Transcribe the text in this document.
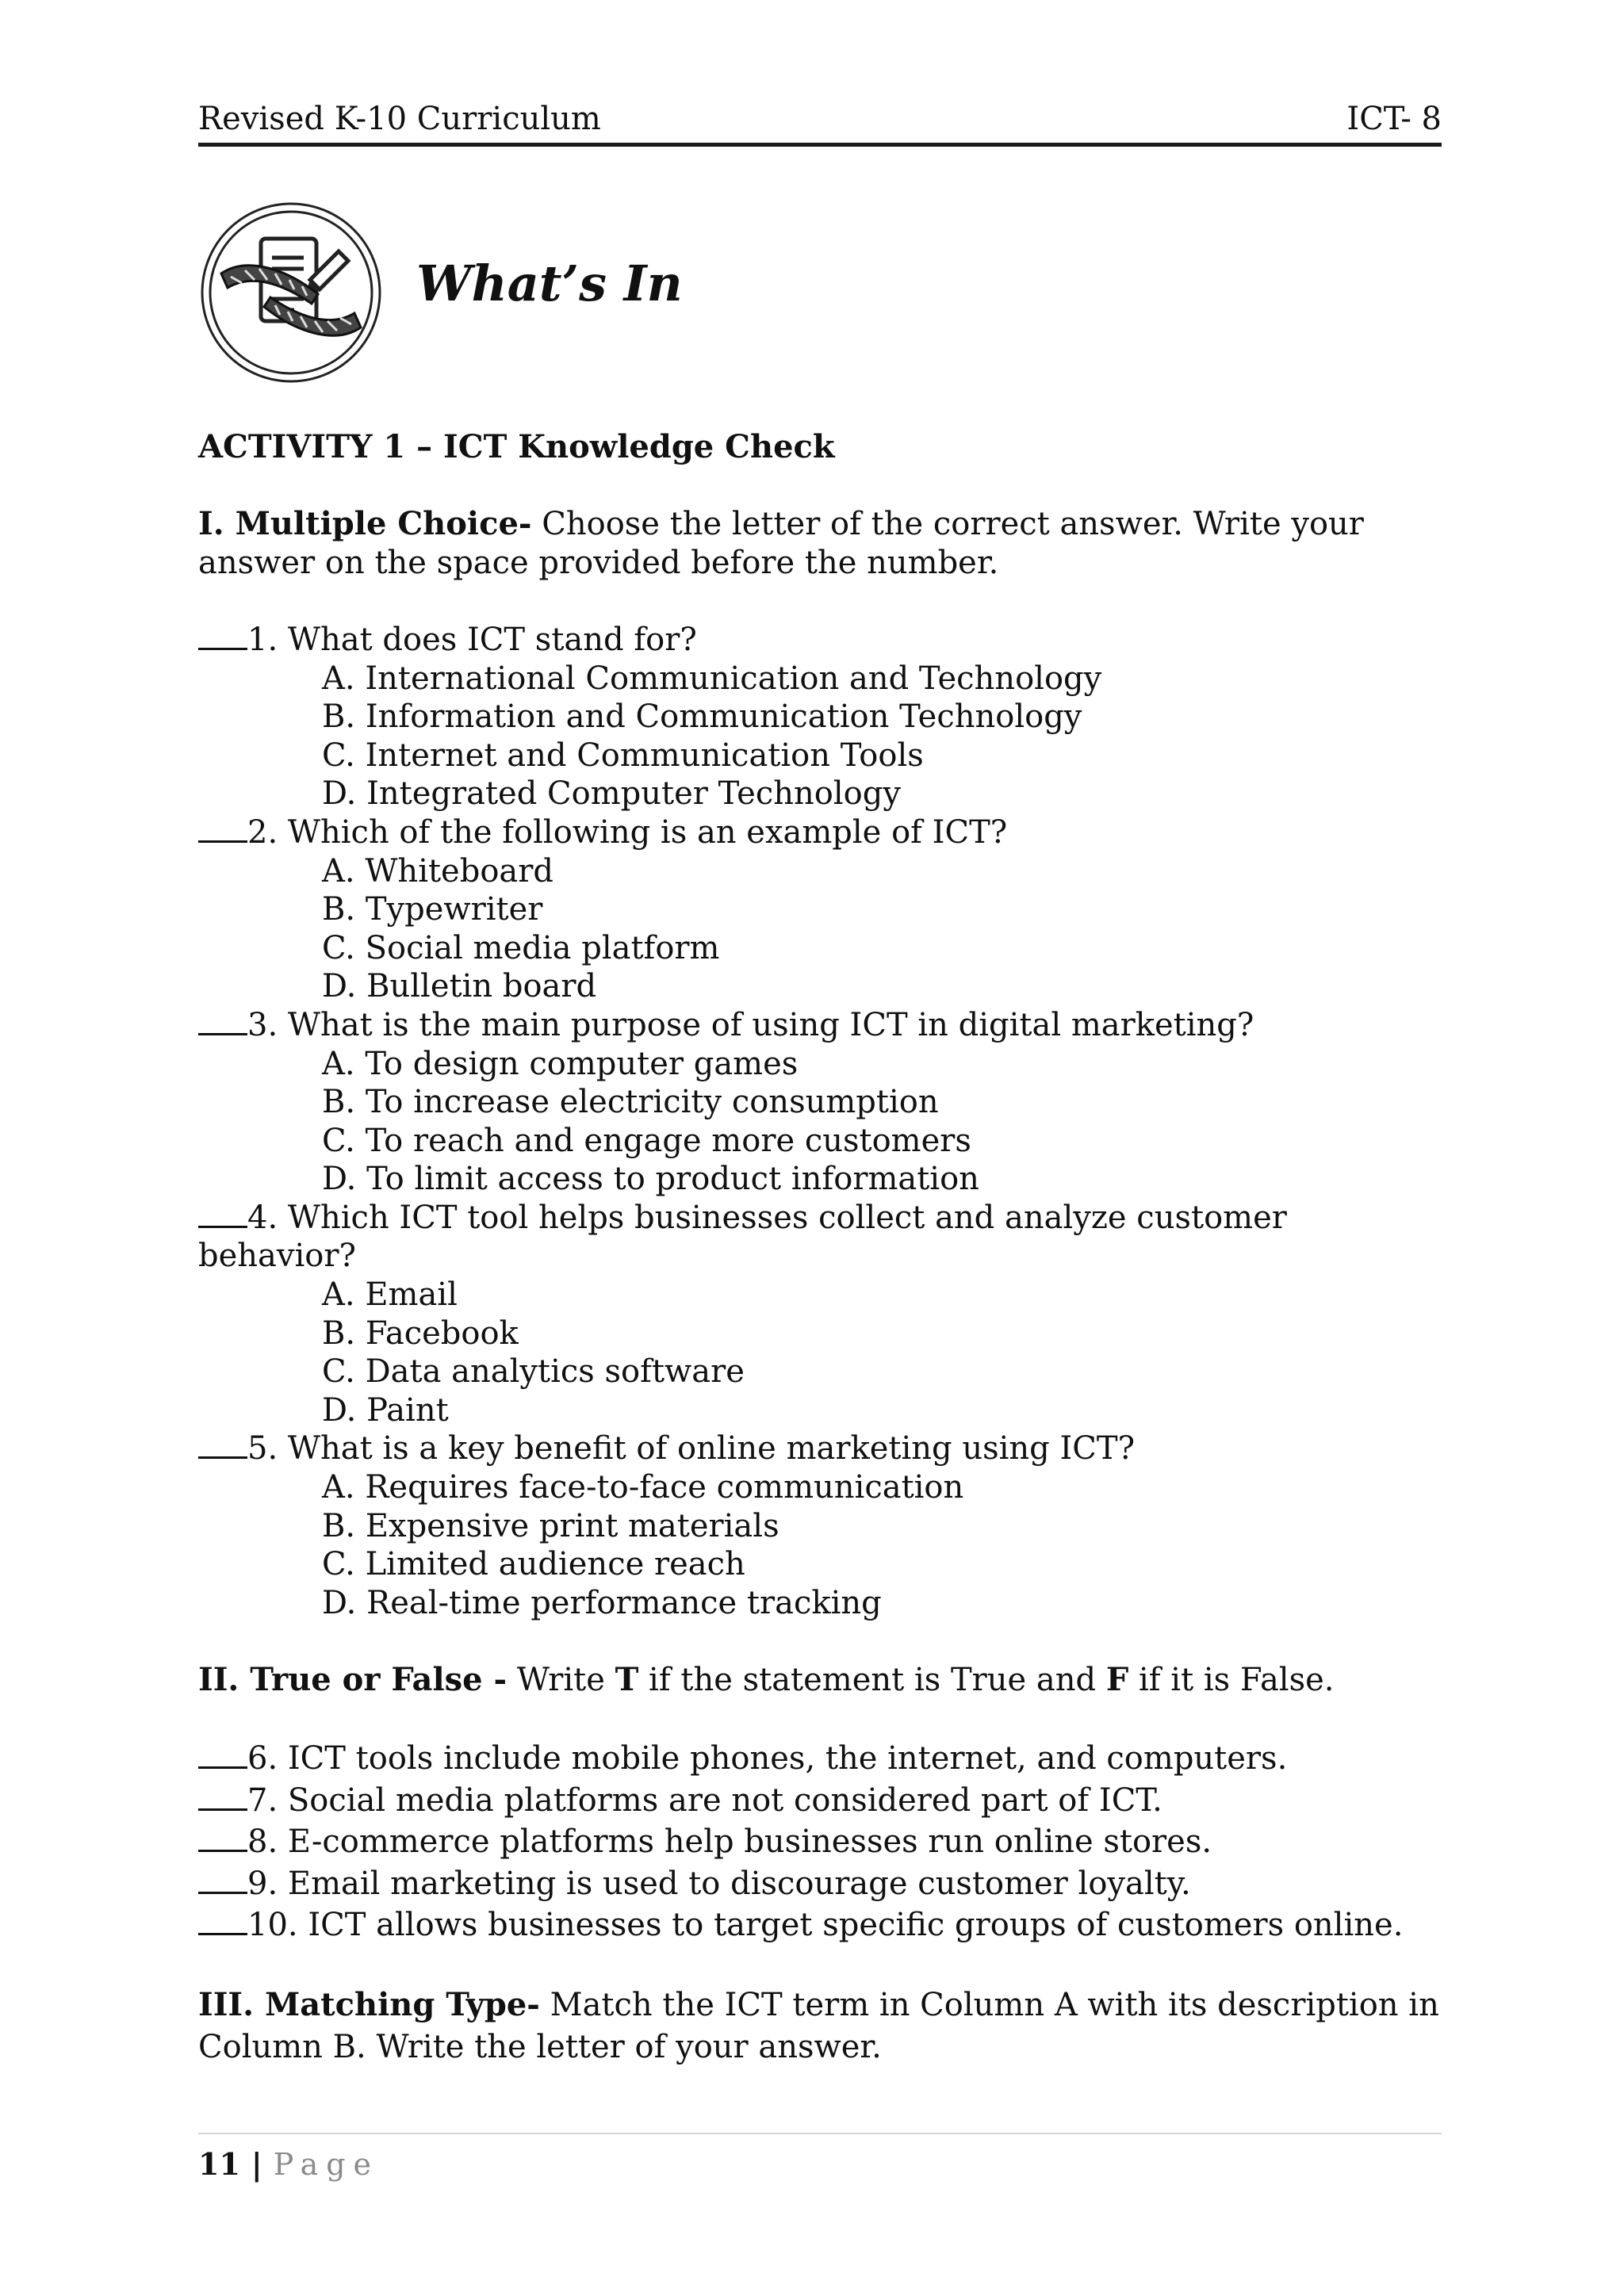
Revised K-10 Curriculum	ICT- 8
What’s In
ACTIVITY 1 – ICT Knowledge Check
I. Multiple Choice- Choose the letter of the correct answer. Write your
answer on the space provided before the number.
1. What does ICT stand for?
A. International Communication and Technology
B. Information and Communication Technology
C. Internet and Communication Tools
D. Integrated Computer Technology
2. Which of the following is an example of ICT?
A. Whiteboard
B. Typewriter
C. Social media platform
D. Bulletin board
3. What is the main purpose of using ICT in digital marketing?
A. To design computer games
B. To increase electricity consumption
C. To reach and engage more customers
D. To limit access to product information
4. Which ICT tool helps businesses collect and analyze customer
behavior?
A. Email
B. Facebook
C. Data analytics software
D. Paint
5. What is a key benefit of online marketing using ICT?
A. Requires face-to-face communication
B. Expensive print materials
C. Limited audience reach
D. Real-time performance tracking
II. True or False - Write T if the statement is True and F if it is False.
6. ICT tools include mobile phones, the internet, and computers.
7. Social media platforms are not considered part of ICT.
8. E-commerce platforms help businesses run online stores.
9. Email marketing is used to discourage customer loyalty.
10. ICT allows businesses to target specific groups of customers online.
III. Matching Type- Match the ICT term in Column A with its description in
Column B. Write the letter of your answer.
11 | Page
